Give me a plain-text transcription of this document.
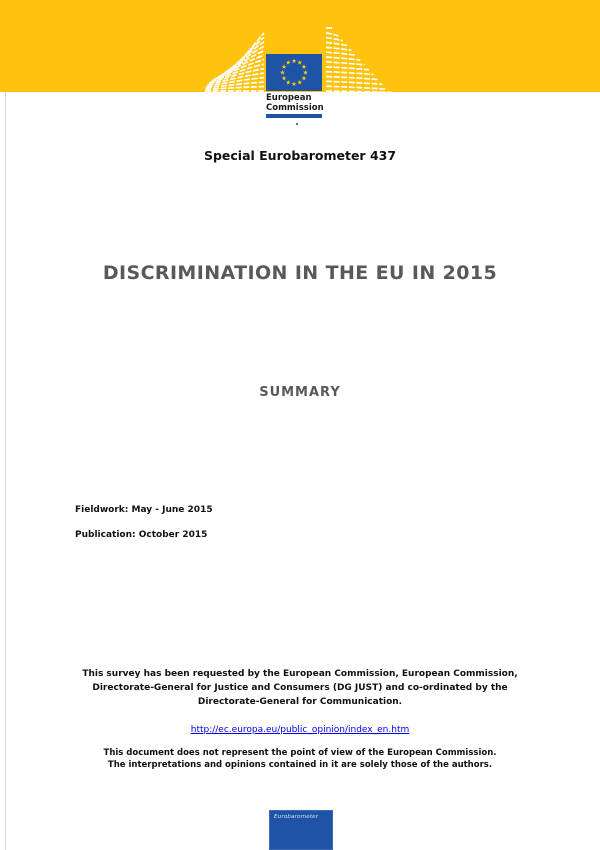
European
Commission
Special Eurobarometer 437
DISCRIMINATION IN THE EU IN 2015
SUMMARY
Fieldwork: May - June 2015
Publication: October 2015
This survey has been requested by the European Commission, European Commission, Directorate-General for Justice and Consumers (DG JUST) and co-ordinated by the Directorate-General for Communication.
http://ec.europa.eu/public_opinion/index_en.htm
This document does not represent the point of view of the European Commission.
The interpretations and opinions contained in it are solely those of the authors.
Eurobarometer
